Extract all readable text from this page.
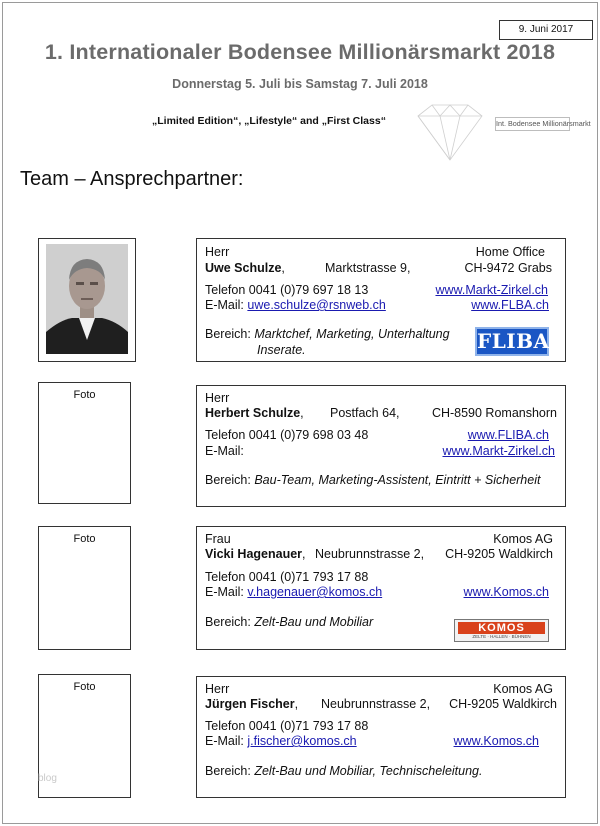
9. Juni 2017
1. Internationaler Bodensee Millionärsmarkt 2018
Donnerstag 5. Juli bis Samstag 7. Juli 2018
„Limited Edition“, „Lifestyle“ and „First Class“	Int. Bodensee Millionärsmarkt
Team – Ansprechpartner:
Herr	Home Office
Uwe Schulze,	Marktstrasse 9,	CH-9472 Grabs
Telefon 0041 (0)79 697 18 13	www.Markt-Zirkel.ch
E-Mail: uwe.schulze@rsnweb.ch	www.FLBA.ch
Bereich: Marktchef, Marketing, Unterhaltung
Inserate.	FLIBA
Foto	Herr
Herbert Schulze, Postfach 64,	CH-8590 Romanshorn
Telefon 0041 (0)79 698 03 48	www.FLIBA.ch
E-Mail:	www.Markt-Zirkel.ch
Bereich: Bau-Team, Marketing-Assistent, Eintritt + Sicherheit
Foto	Frau	Komos AG
Vicki Hagenauer, Neubrunnstrasse 2, CH-9205 Waldkirch
Telefon 0041 (0)71 793 17 88
E-Mail: v.hagenauer@komos.ch	www.Komos.ch
Bereich: Zelt-Bau und Mobiliar	KOMOS
ZELTE · HALLEN · BÜHNEN
Foto	Herr	Komos AG
Jürgen Fischer, Neubrunnstrasse 2, CH-9205 Waldkirch
Telefon 0041 (0)71 793 17 88
E-Mail: j.fischer@komos.ch	www.Komos.ch
Bereich: Zelt-Bau und Mobiliar, Technischeleitung.
blog
